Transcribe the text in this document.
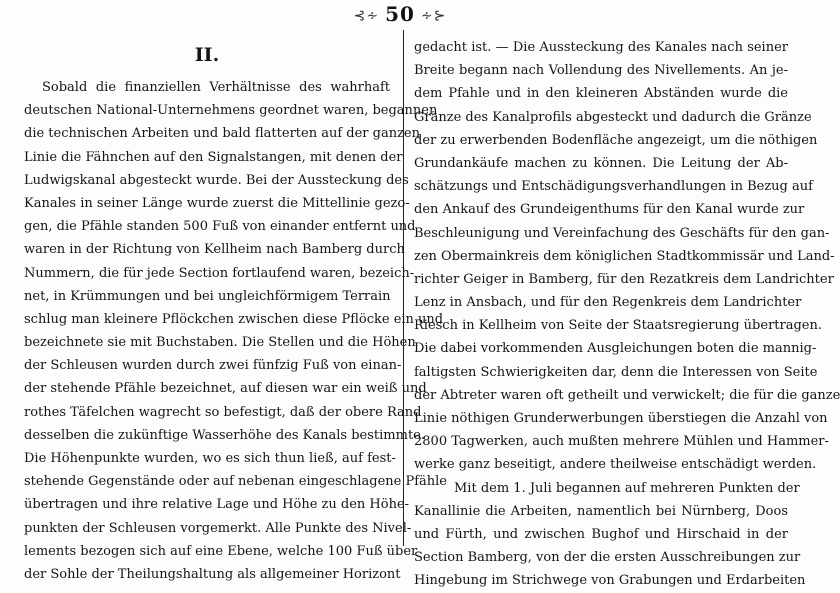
⊰∻ 50 ∻⊱
II.
Sobald die finanziellen Verhältnisse des wahrhaft
deutschen National-Unternehmens geordnet waren, begannen
die technischen Arbeiten und bald flatterten auf der ganzen
Linie die Fähnchen auf den Signalstangen, mit denen der
Ludwigskanal abgesteckt wurde. Bei der Aussteckung des
Kanales in seiner Länge wurde zuerst die Mittellinie gezo-
gen, die Pfähle standen 500 Fuß von einander entfernt und
waren in der Richtung von Kellheim nach Bamberg durch
Nummern, die für jede Section fortlaufend waren, bezeich-
net, in Krümmungen und bei ungleichförmigem Terrain
schlug man kleinere Pflöckchen zwischen diese Pflöcke ein und
bezeichnete sie mit Buchstaben. Die Stellen und die Höhen
der Schleusen wurden durch zwei fünfzig Fuß von einan-
der stehende Pfähle bezeichnet, auf diesen war ein weiß und
rothes Täfelchen wagrecht so befestigt, daß der obere Rand
desselben die zukünftige Wasserhöhe des Kanals bestimmte.
Die Höhenpunkte wurden, wo es sich thun ließ, auf fest-
stehende Gegenstände oder auf nebenan eingeschlagene Pfähle
übertragen und ihre relative Lage und Höhe zu den Höhe-
punkten der Schleusen vorgemerkt. Alle Punkte des Nivel-
lements bezogen sich auf eine Ebene, welche 100 Fuß über
der Sohle der Theilungshaltung als allgemeiner Horizont
gedacht ist. — Die Aussteckung des Kanales nach seiner
Breite begann nach Vollendung des Nivellements. An je-
dem Pfahle und in den kleineren Abständen wurde die
Gränze des Kanalprofils abgesteckt und dadurch die Gränze
der zu erwerbenden Bodenfläche angezeigt, um die nöthigen
Grundankäufe machen zu können. Die Leitung der Ab-
schätzungs und Entschädigungsverhandlungen in Bezug auf
den Ankauf des Grundeigenthums für den Kanal wurde zur
Beschleunigung und Vereinfachung des Geschäfts für den gan-
zen Obermainkreis dem königlichen Stadtkommissär und Land-
richter Geiger in Bamberg, für den Rezatkreis dem Landrichter
Lenz in Ansbach, und für den Regenkreis dem Landrichter
Riesch in Kellheim von Seite der Staatsregierung übertragen.
Die dabei vorkommenden Ausgleichungen boten die mannig-
faltigsten Schwierigkeiten dar, denn die Interessen von Seite
der Abtreter waren oft getheilt und verwickelt; die für die ganze
Linie nöthigen Grunderwerbungen überstiegen die Anzahl von
2800 Tagwerken, auch mußten mehrere Mühlen und Hammer-
werke ganz beseitigt, andere theilweise entschädigt werden.
Mit dem 1. Juli begannen auf mehreren Punkten der
Kanallinie die Arbeiten, namentlich bei Nürnberg, Doos
und Fürth, und zwischen Bughof und Hirschaid in der
Section Bamberg, von der die ersten Ausschreibungen zur
Hingebung im Strichwege von Grabungen und Erdarbeiten
